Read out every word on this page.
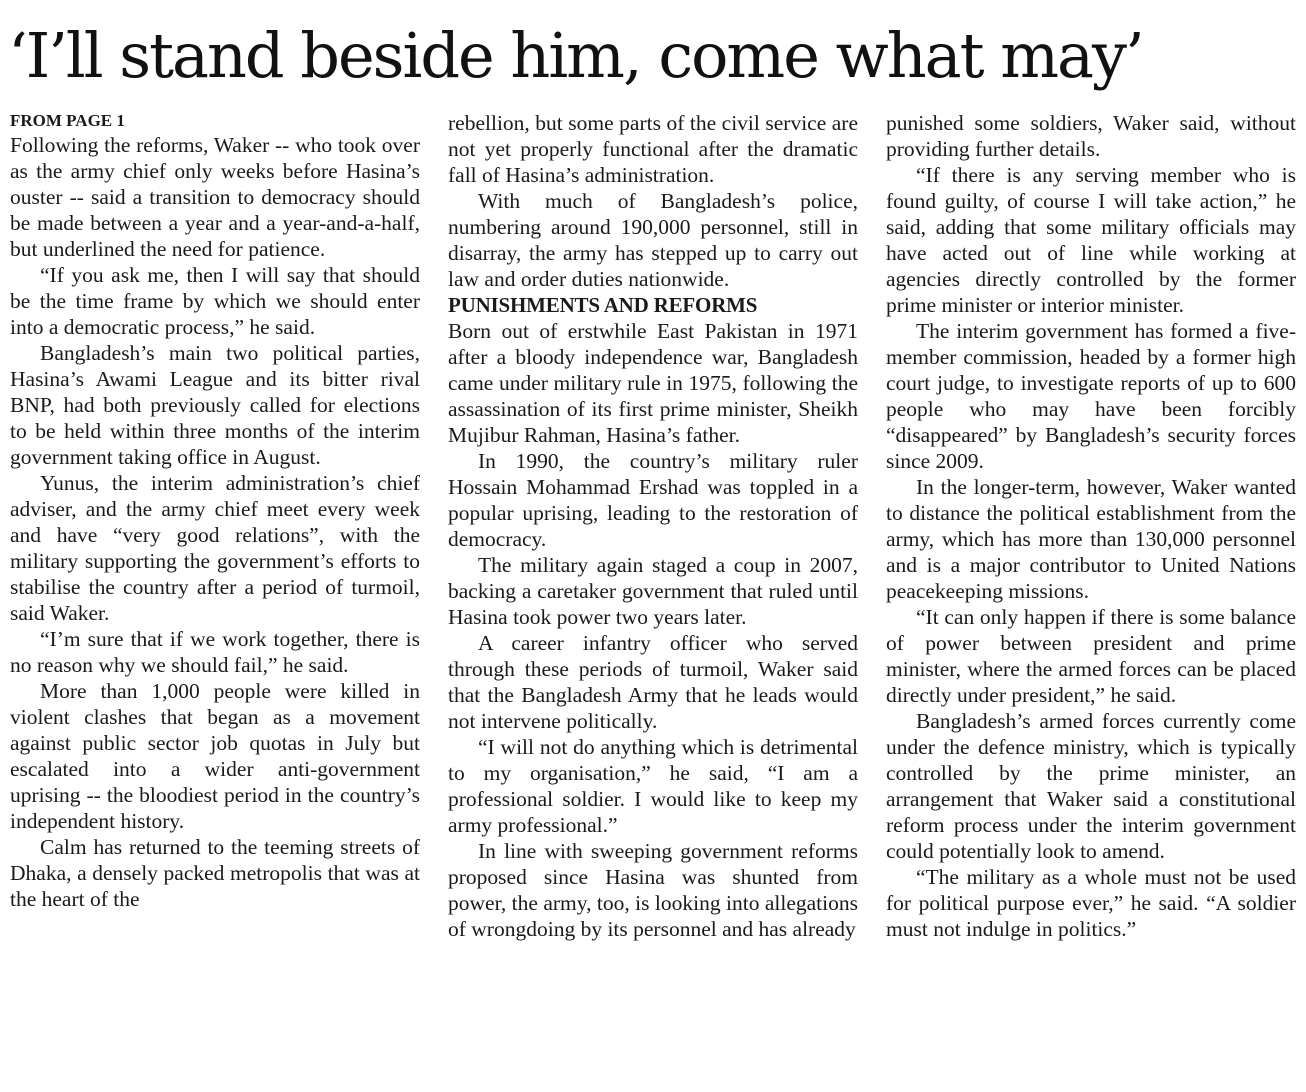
‘I’ll stand beside him, come what may’
FROM PAGE 1

Following the reforms, Waker -- who took over as the army chief only weeks before Hasina’s ouster -- said a transition to democracy should be made between a year and a year-and-a-half, but underlined the need for patience.

“If you ask me, then I will say that should be the time frame by which we should enter into a democratic process,” he said.

Bangladesh’s main two political parties, Hasina’s Awami League and its bitter rival BNP, had both previously called for elections to be held within three months of the interim government taking office in August.

Yunus, the interim administration’s chief adviser, and the army chief meet every week and have “very good relations”, with the military supporting the government’s efforts to stabilise the country after a period of turmoil, said Waker.

“I’m sure that if we work together, there is no reason why we should fail,” he said.

More than 1,000 people were killed in violent clashes that began as a movement against public sector job quotas in July but escalated into a wider anti-government uprising -- the bloodiest period in the country’s independent history.

Calm has returned to the teeming streets of Dhaka, a densely packed metropolis that was at the heart of the

rebellion, but some parts of the civil service are not yet properly functional after the dramatic fall of Hasina’s administration.

With much of Bangladesh’s police, numbering around 190,000 personnel, still in disarray, the army has stepped up to carry out law and order duties nationwide.

PUNISHMENTS AND REFORMS

Born out of erstwhile East Pakistan in 1971 after a bloody independence war, Bangladesh came under military rule in 1975, following the assassination of its first prime minister, Sheikh Mujibur Rahman, Hasina’s father.

In 1990, the country’s military ruler Hossain Mohammad Ershad was toppled in a popular uprising, leading to the restoration of democracy.

The military again staged a coup in 2007, backing a caretaker government that ruled until Hasina took power two years later.

A career infantry officer who served through these periods of turmoil, Waker said that the Bangladesh Army that he leads would not intervene politically.

“I will not do anything which is detrimental to my organisation,” he said, “I am a professional soldier. I would like to keep my army professional.”

In line with sweeping government reforms proposed since Hasina was shunted from power, the army, too, is looking into allegations of wrongdoing by its personnel and has already

punished some soldiers, Waker said, without providing further details.

“If there is any serving member who is found guilty, of course I will take action,” he said, adding that some military officials may have acted out of line while working at agencies directly controlled by the former prime minister or interior minister.

The interim government has formed a five-member commission, headed by a former high court judge, to investigate reports of up to 600 people who may have been forcibly “disappeared” by Bangladesh’s security forces since 2009.

In the longer-term, however, Waker wanted to distance the political establishment from the army, which has more than 130,000 personnel and is a major contributor to United Nations peacekeeping missions.

“It can only happen if there is some balance of power between president and prime minister, where the armed forces can be placed directly under president,” he said.

Bangladesh’s armed forces currently come under the defence ministry, which is typically controlled by the prime minister, an arrangement that Waker said a constitutional reform process under the interim government could potentially look to amend.

“The military as a whole must not be used for political purpose ever,” he said. “A soldier must not indulge in politics.”
